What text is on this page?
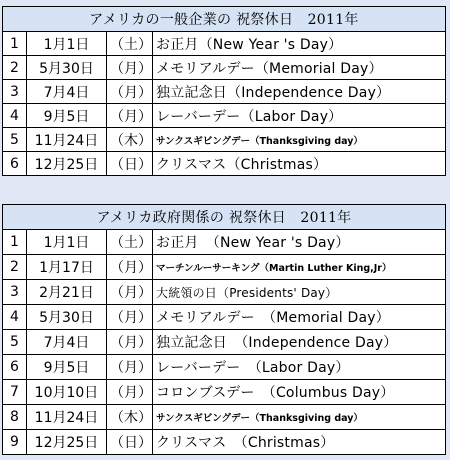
アメリカの一般企業の 祝祭休日　2011年			
1	1月1日	（土）	お正月（New Year 's Day）
2	5月30日	（月）	メモリアルデー（Memorial Day）
3	7月4日	（月）	独立記念日（Independence Day）
4	9月5日	（月）	レーバーデー（Labor Day）
5	11月24日	（木）	サンクスギビングデー（Thanksgiving day）
6	12月25日	（日）	クリスマス（Christmas）
アメリカ政府関係の 祝祭休日　2011年			
1	1月1日	（土）	お正月　（New Year 's Day）
2	1月17日	（月）	マーチンルーサーキング（Martin Luther King,Jr）
3	2月21日	（月）	大統領の日（Presidents' Day）
4	5月30日	（月）	メモリアルデー　（Memorial Day）
5	7月4日	（月）	独立記念日　（Independence Day）
6	9月5日	（月）	レーバーデー　（Labor Day）
7	10月10日	（月）	コロンブスデー　（Columbus Day）
8	11月24日	（木）	サンクスギビングデー（Thanksgiving day）
9	12月25日	（日）	クリスマス　（Christmas）
